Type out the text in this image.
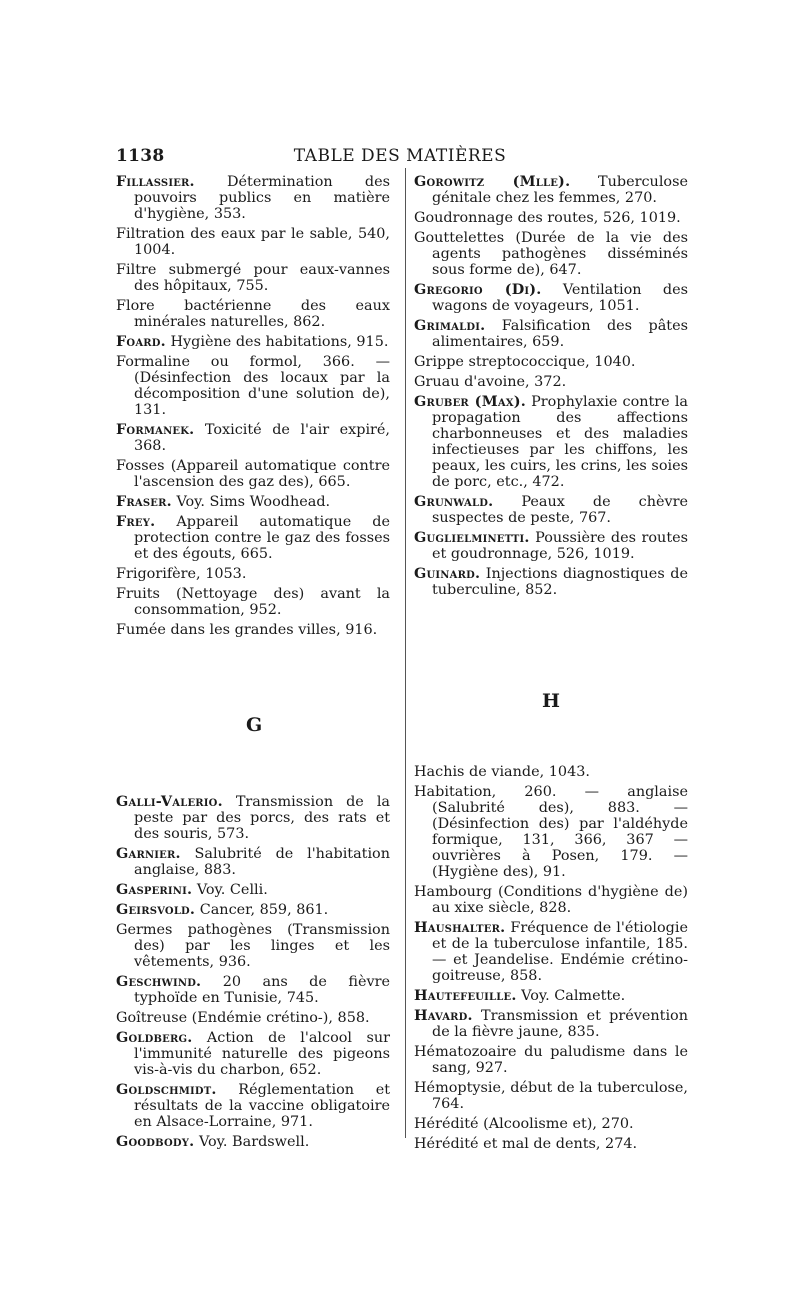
1138	TABLE DES MATIÈRES
Fillassier. Détermination des pouvoirs publics en matière d'hygiène, 353.
Filtration des eaux par le sable, 540, 1004.
Filtre submergé pour eaux-vannes des hôpitaux, 755.
Flore bactérienne des eaux minérales naturelles, 862.
Foard. Hygiène des habitations, 915.
Formaline ou formol, 366. — (Désinfection des locaux par la décomposition d'une solution de), 131.
Formanek. Toxicité de l'air expiré, 368.
Fosses (Appareil automatique contre l'ascension des gaz des), 665.
Fraser. Voy. Sims Woodhead.
Frey. Appareil automatique de protection contre le gaz des fosses et des égouts, 665.
Frigorifère, 1053.
Fruits (Nettoyage des) avant la consommation, 952.
Fumée dans les grandes villes, 916.
G
Galli-Valerio. Transmission de la peste par des porcs, des rats et des souris, 573.
Garnier. Salubrité de l'habitation anglaise, 883.
Gasperini. Voy. Celli.
Geirsvold. Cancer, 859, 861.
Germes pathogènes (Transmission des) par les linges et les vêtements, 936.
Geschwind. 20 ans de fièvre typhoïde en Tunisie, 745.
Goîtreuse (Endémie crétino-), 858.
Goldberg. Action de l'alcool sur l'immunité naturelle des pigeons vis-à-vis du charbon, 652.
Goldschmidt. Réglementation et résultats de la vaccine obligatoire en Alsace-Lorraine, 971.
Goodbody. Voy. Bardswell.
Gorowitz (Mlle). Tuberculose génitale chez les femmes, 270.
Goudronnage des routes, 526, 1019.
Gouttelettes (Durée de la vie des agents pathogènes disséminés sous forme de), 647.
Gregorio (Di). Ventilation des wagons de voyageurs, 1051.
Grimaldi. Falsification des pâtes alimentaires, 659.
Grippe streptococcique, 1040.
Gruau d'avoine, 372.
Gruber (Max). Prophylaxie contre la propagation des affections charbonneuses et des maladies infectieuses par les chiffons, les peaux, les cuirs, les crins, les soies de porc, etc., 472.
Grunwald. Peaux de chèvre suspectes de peste, 767.
Guglielminetti. Poussière des routes et goudronnage, 526, 1019.
Guinard. Injections diagnostiques de tuberculine, 852.
H
Hachis de viande, 1043.
Habitation, 260. — anglaise (Salubrité des), 883. — (Désinfection des) par l'aldéhyde formique, 131, 366, 367 — ouvrières à Posen, 179. — (Hygiène des), 91.
Hambourg (Conditions d'hygiène de) au xixe siècle, 828.
Haushalter. Fréquence de l'étiologie et de la tuberculose infantile, 185. — et Jeandelise. Endémie crétino-goitreuse, 858.
Hautefeuille. Voy. Calmette.
Havard. Transmission et prévention de la fièvre jaune, 835.
Hématozoaire du paludisme dans le sang, 927.
Hémoptysie, début de la tuberculose, 764.
Hérédité (Alcoolisme et), 270.
Hérédité et mal de dents, 274.
